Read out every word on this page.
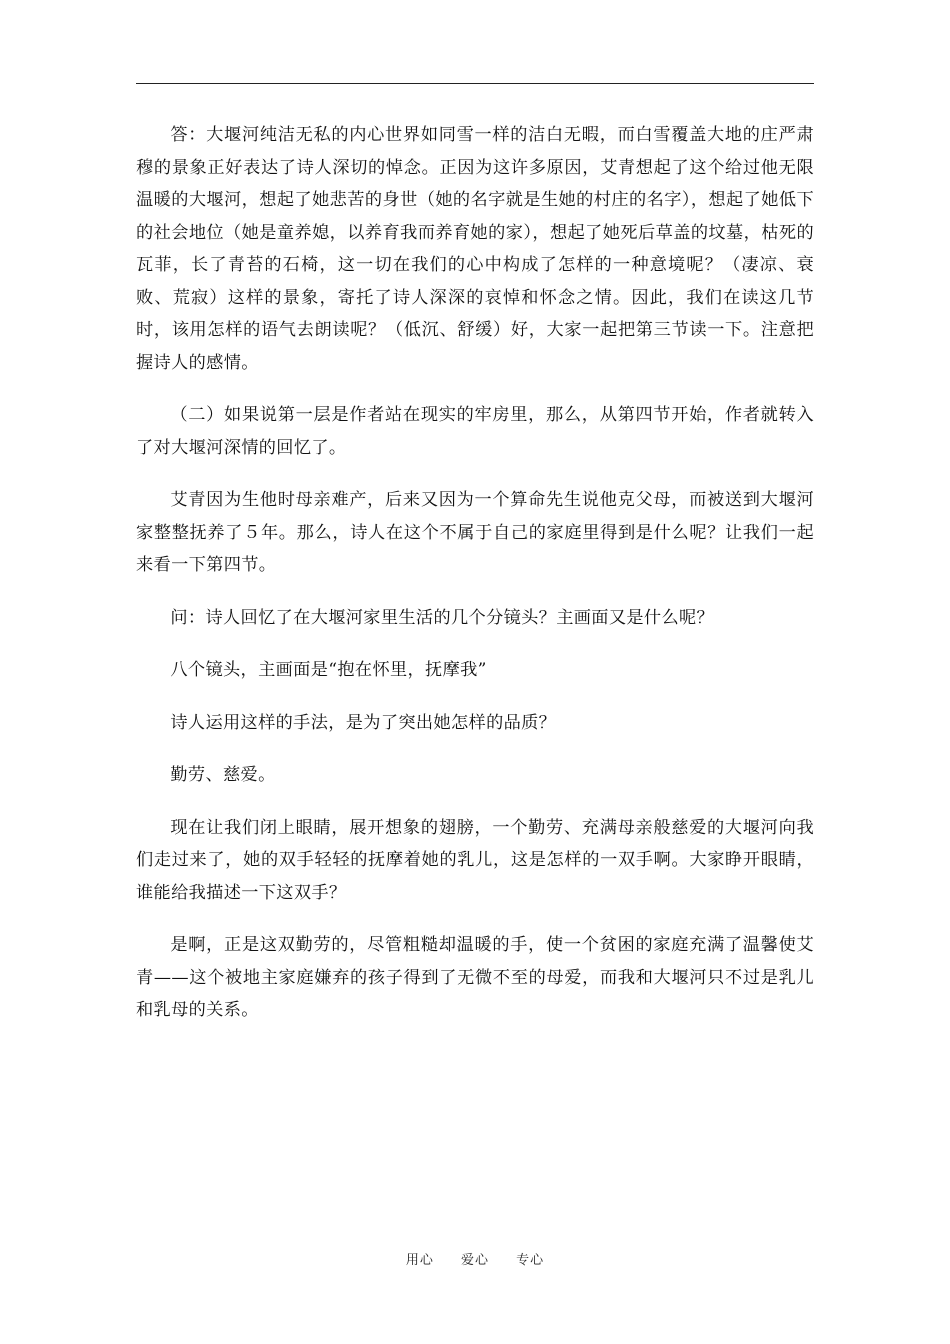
答：大堰河纯洁无私的内心世界如同雪一样的洁白无暇，而白雪覆盖大地的庄严肃穆的景象正好表达了诗人深切的悼念。正因为这许多原因，艾青想起了这个给过他无限温暖的大堰河，想起了她悲苦的身世（她的名字就是生她的村庄的名字），想起了她低下的社会地位（她是童养媳，以养育我而养育她的家），想起了她死后草盖的坟墓，枯死的瓦菲，长了青苔的石椅，这一切在我们的心中构成了怎样的一种意境呢？（凄凉、衰败、荒寂）这样的景象，寄托了诗人深深的哀悼和怀念之情。因此，我们在读这几节时，该用怎样的语气去朗读呢？（低沉、舒缓）好，大家一起把第三节读一下。注意把握诗人的感情。

（二）如果说第一层是作者站在现实的牢房里，那么，从第四节开始，作者就转入了对大堰河深情的回忆了。

艾青因为生他时母亲难产，后来又因为一个算命先生说他克父母，而被送到大堰河家整整抚养了５年。那么，诗人在这个不属于自己的家庭里得到是什么呢？让我们一起来看一下第四节。

问：诗人回忆了在大堰河家里生活的几个分镜头？主画面又是什么呢？

八个镜头，主画面是“抱在怀里，抚摩我”

诗人运用这样的手法，是为了突出她怎样的品质？

勤劳、慈爱。

现在让我们闭上眼睛，展开想象的翅膀，一个勤劳、充满母亲般慈爱的大堰河向我们走过来了，她的双手轻轻的抚摩着她的乳儿，这是怎样的一双手啊。大家睁开眼睛，谁能给我描述一下这双手？

是啊，正是这双勤劳的，尽管粗糙却温暖的手，使一个贫困的家庭充满了温馨使艾青——这个被地主家庭嫌弃的孩子得到了无微不至的母爱，而我和大堰河只不过是乳儿和乳母的关系。

用心 爱心 专心
